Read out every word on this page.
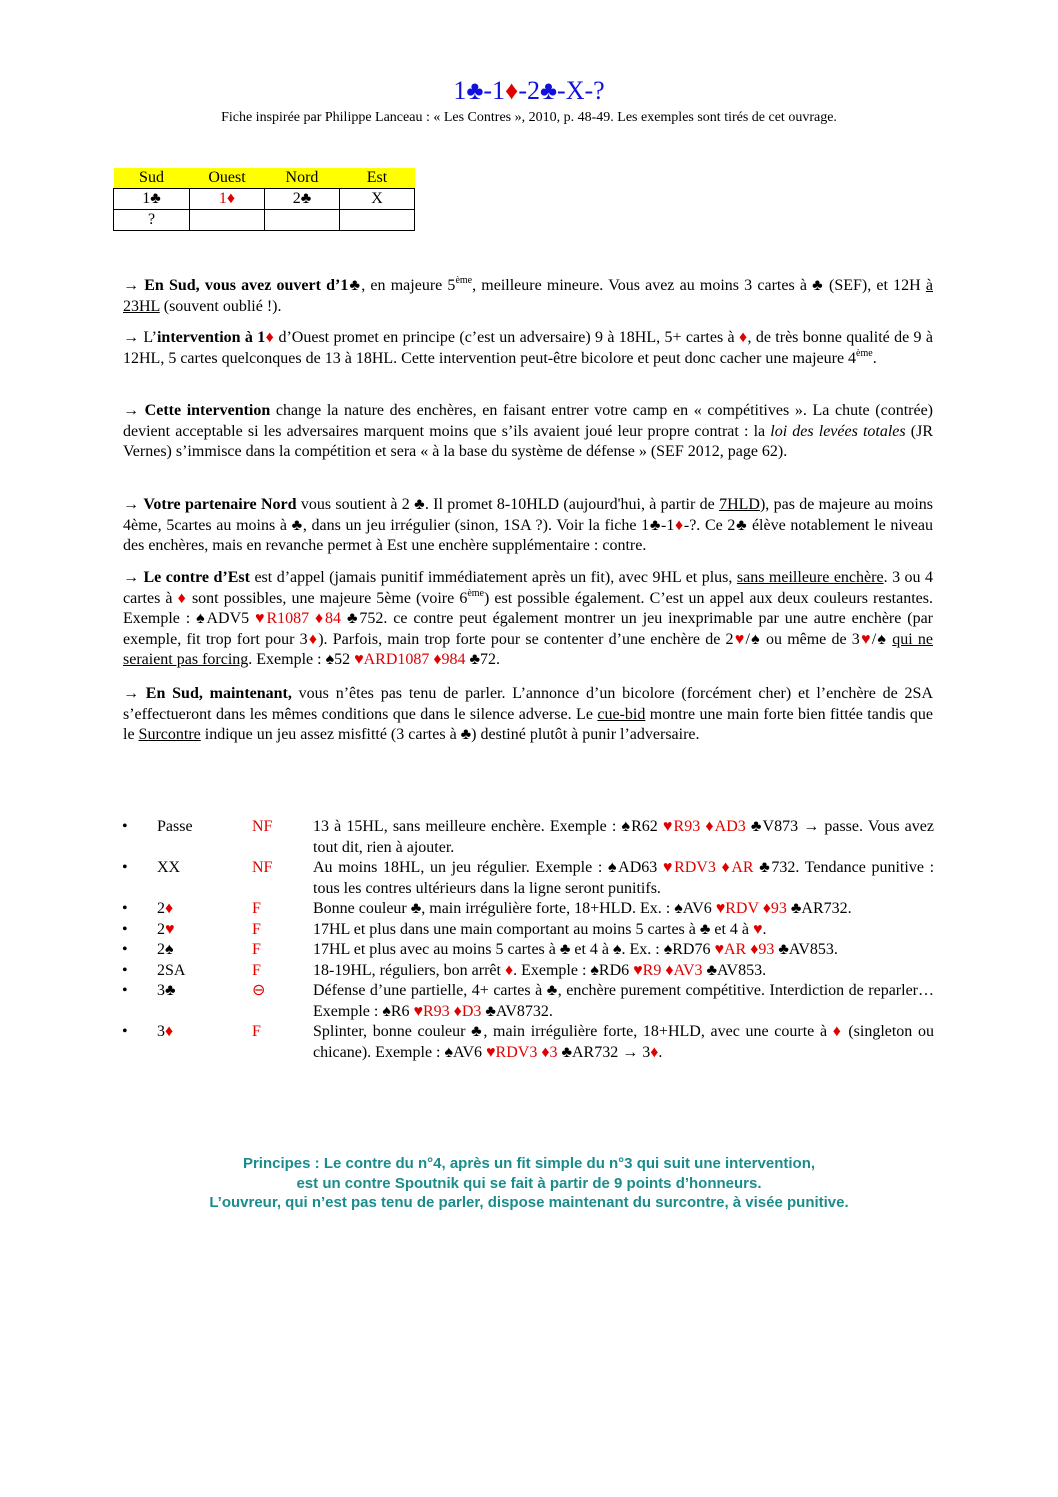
1♣-1♦-2♣-X-?
Fiche inspirée par Philippe Lanceau : « Les Contres », 2010, p. 48-49. Les exemples sont tirés de cet ouvrage.
Sud	Ouest	Nord	Est
1♣	1♦	2♣	X
?			

→ En Sud, vous avez ouvert d’1♣, en majeure 5ème, meilleure mineure. Vous avez au moins 3 cartes à ♣ (SEF), et 12H à 23HL (souvent oublié !).

→ L’intervention à 1♦ d’Ouest promet en principe (c’est un adversaire) 9 à 18HL, 5+ cartes à ♦, de très bonne qualité de 9 à 12HL, 5 cartes quelconques de 13 à 18HL. Cette intervention peut-être bicolore et peut donc cacher une majeure 4ème.

→ Cette intervention change la nature des enchères, en faisant entrer votre camp en « compétitives ». La chute (contrée) devient acceptable si les adversaires marquent moins que s’ils avaient joué leur propre contrat : la loi des levées totales (JR Vernes) s’immisce dans la compétition et sera « à la base du système de défense » (SEF 2012, page 62).

→ Votre partenaire Nord vous soutient à 2 ♣. Il promet 8-10HLD (aujourd'hui, à partir de 7HLD), pas de majeure au moins 4ème, 5cartes au moins à ♣, dans un jeu irrégulier (sinon, 1SA ?). Voir la fiche 1♣-1♦-?. Ce 2♣ élève notablement le niveau des enchères, mais en revanche permet à Est une enchère supplémentaire : contre.

→ Le contre d’Est est d’appel (jamais punitif immédiatement après un fit), avec 9HL et plus, sans meilleure enchère. 3 ou 4 cartes à ♦ sont possibles, une majeure 5ème (voire 6ème) est possible également. C’est un appel aux deux couleurs restantes. Exemple : ♠ADV5 ♥R1087 ♦84 ♣752. ce contre peut également montrer un jeu inexprimable par une autre enchère (par exemple, fit trop fort pour 3♦). Parfois, main trop forte pour se contenter d’une enchère de 2♥/♠ ou même de 3♥/♠ qui ne seraient pas forcing. Exemple : ♠52 ♥ARD1087 ♦984 ♣72.

→ En Sud, maintenant, vous n’êtes pas tenu de parler. L’annonce d’un bicolore (forcément cher) et l’enchère de 2SA s’effectueront dans les mêmes conditions que dans le silence adverse. Le cue-bid montre une main forte bien fittée tandis que le Surcontre indique un jeu assez misfitté (3 cartes à ♣) destiné plutôt à punir l’adversaire.

•	Passe	NF	13 à 15HL, sans meilleure enchère. Exemple : ♠R62 ♥R93 ♦AD3 ♣V873 → passe. Vous avez tout dit, rien à ajouter.
•	XX	NF	Au moins 18HL, un jeu régulier. Exemple : ♠AD63 ♥RDV3 ♦AR ♣732. Tendance punitive : tous les contres ultérieurs dans la ligne seront punitifs.
•	2♦	F	Bonne couleur ♣, main irrégulière forte, 18+HLD. Ex. : ♠AV6 ♥RDV ♦93 ♣AR732.
•	2♥	F	17HL et plus dans une main comportant au moins 5 cartes à ♣ et 4 à ♥.
•	2♠	F	17HL et plus avec au moins 5 cartes à ♣ et 4 à ♠. Ex. : ♠RD76 ♥AR ♦93 ♣AV853.
•	2SA	F	18-19HL, réguliers, bon arrêt ♦. Exemple : ♠RD6 ♥R9 ♦AV3 ♣AV853.
•	3♣	⊖	Défense d’une partielle, 4+ cartes à ♣, enchère purement compétitive. Interdiction de reparler… Exemple : ♠R6 ♥R93 ♦D3 ♣AV8732.
•	3♦	F	Splinter, bonne couleur ♣, main irrégulière forte, 18+HLD, avec une courte à ♦ (singleton ou chicane). Exemple : ♠AV6 ♥RDV3 ♦3 ♣AR732 → 3♦.
Principes : Le contre du n°4, après un fit simple du n°3 qui suit une intervention,
est un contre Spoutnik qui se fait à partir de 9 points d’honneurs.
L’ouvreur, qui n’est pas tenu de parler, dispose maintenant du surcontre, à visée punitive.
